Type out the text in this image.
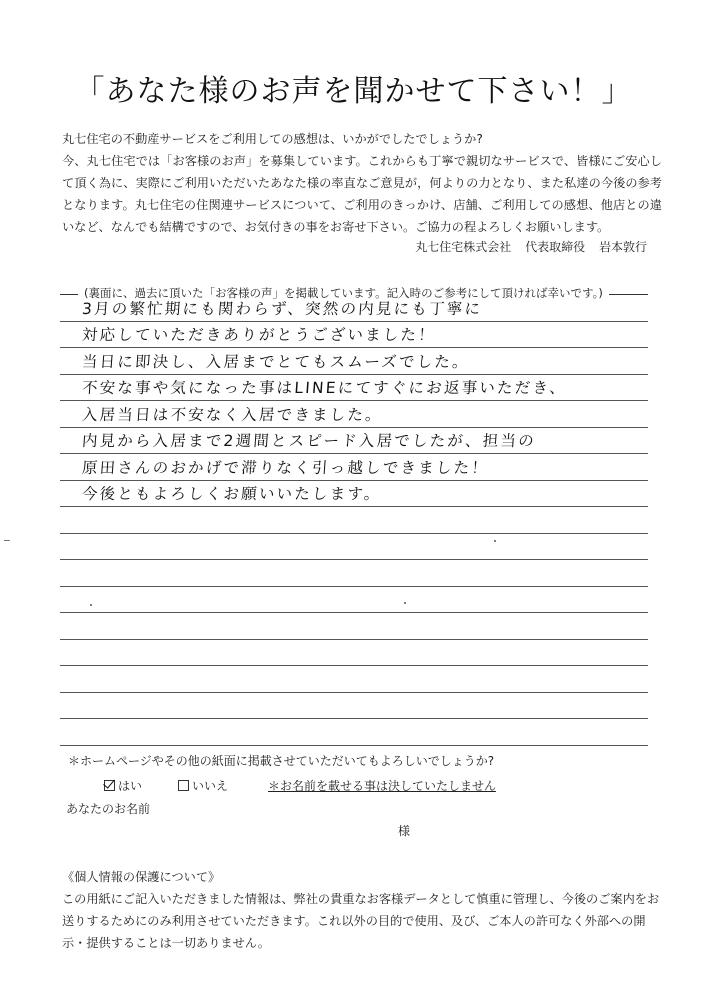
「あなた様のお声を聞かせて下さい！」

丸七住宅の不動産サービスをご利用しての感想は、いかがでしたでしょうか?

今、丸七住宅では「お客様のお声」を募集しています。これからも丁寧で親切なサービスで、皆様にご安心して頂く為に、実際にご利用いただいたあなた様の率直なご意見が，何よりの力となり、また私達の今後の参考となります。丸七住宅の住関連サービスについて、ご利用のきっかけ、店舗、ご利用しての感想、他店との違いなど、なんでも結構ですので、お気付きの事をお寄せ下さい。ご協力の程よろしくお願いします。

丸七住宅株式会社 代表取締役 岩本敦行
(裏面に、過去に頂いた「お客様の声」を掲載しています。記入時のご参考にして頂ければ幸いです。)
3月の繁忙期にも関わらず、突然の内見にも丁寧に
対応していただきありがとうございました！
当日に即決し、入居までとてもスムーズでした。
不安な事や気になった事はLINEにてすぐにお返事いただき、
入居当日は不安なく入居できました。
内見から入居まで2週間とスピード入居でしたが、担当の
原田さんのおかげで滞りなく引っ越しできました！
今後ともよろしくお願いいたします。

＊ホームページやその他の紙面に掲載させていただいてもよろしいでしょうか?

はい	いいえ	＊お名前を載せる事は決していたしません
あなたのお名前
様

《個人情報の保護について》

この用紙にご記入いただきました情報は、弊社の貴重なお客様データとして慎重に管理し、今後のご案内をお送りするためにのみ利用させていただきます。これ以外の目的で使用、及び、ご本人の許可なく外部への開示・提供することは一切ありません。
